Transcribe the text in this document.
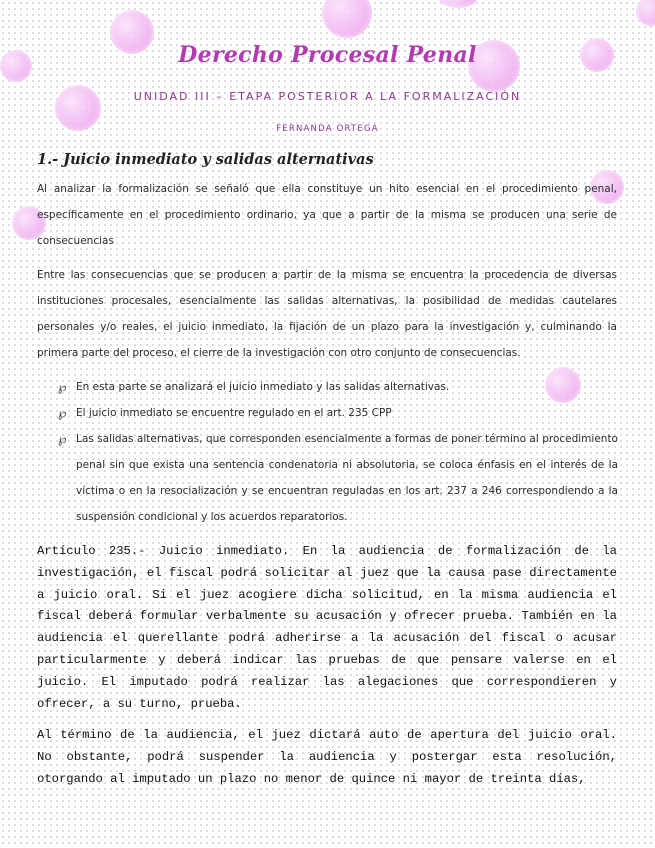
Derecho Procesal Penal
UNIDAD III – ETAPA POSTERIOR A LA FORMALIZACIÓN
FERNANDA ORTEGA
1.- Juicio inmediato y salidas alternativas
Al analizar la formalización se señaló que ella constituye un hito esencial en el procedimiento penal, específicamente en el procedimiento ordinario, ya que a partir de la misma se producen una serie de consecuencias
Entre las consecuencias que se producen a partir de la misma se encuentra la procedencia de diversas instituciones procesales, esencialmente las salidas alternativas, la posibilidad de medidas cautelares personales y/o reales, el juicio inmediato, la fijación de un plazo para la investigación y, culminando la primera parte del proceso, el cierre de la investigación con otro conjunto de consecuencias.
℘ En esta parte se analizará el juicio inmediato y las salidas alternativas.
℘ El juicio inmediato se encuentre regulado en el art. 235 CPP
℘ Las salidas alternativas, que corresponden esencialmente a formas de poner término al procedimiento penal sin que exista una sentencia condenatoria ni absolutoria, se coloca énfasis en el interés de la víctima o en la resocialización y se encuentran reguladas en los art. 237 a 246 correspondiendo a la suspensión condicional y los acuerdos reparatorios.
Artículo 235.- Juicio inmediato. En la audiencia de formalización de la investigación, el fiscal podrá solicitar al juez que la causa pase directamente a juicio oral. Si el juez acogiere dicha solicitud, en la misma audiencia el fiscal deberá formular verbalmente su acusación y ofrecer prueba. También en la audiencia el querellante podrá adherirse a la acusación del fiscal o acusar particularmente y deberá indicar las pruebas de que pensare valerse en el juicio. El imputado podrá realizar las alegaciones que correspondieren y ofrecer, a su turno, prueba.
Al término de la audiencia, el juez dictará auto de apertura del juicio oral. No obstante, podrá suspender la audiencia y postergar esta resolución, otorgando al imputado un plazo no menor de quince ni mayor de treinta días,
